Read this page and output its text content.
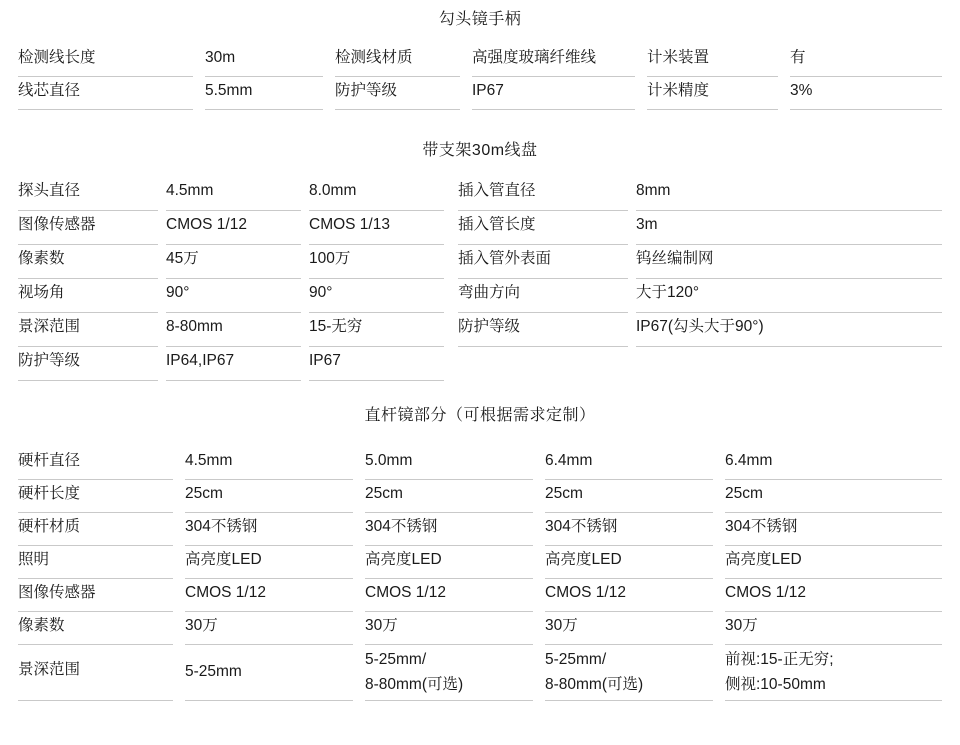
勾头镜手柄

	检测线长度		30m		检测线材质		高强度玻璃纤维线		计米装置		有	

	线芯直径		5.5mm		防护等级		IP67		计米精度		3%	

带支架30m线盘

	探头直径		4.5mm		8.0mm		插入管直径		8mm	

	图像传感器		CMOS 1/12		CMOS 1/13		插入管长度		3m	

	像素数		45万		100万		插入管外表面		钨丝编制网	

	视场角		90°		90°		弯曲方向		大于120°	

	景深范围		8-80mm		15-无穷		防护等级		IP67(勾头大于90°)	

	防护等级		IP64,IP67		IP67					

直杆镜部分（可根据需求定制）

	硬杆直径		4.5mm		5.0mm		6.4mm		6.4mm	

	硬杆长度		25cm		25cm		25cm		25cm	

	硬杆材质		304不锈钢		304不锈钢		304不锈钢		304不锈钢	

	照明		高亮度LED		高亮度LED		高亮度LED		高亮度LED	

	图像传感器		CMOS 1/12		CMOS 1/12		CMOS 1/12		CMOS 1/12	

	像素数		30万		30万		30万		30万	

	景深范围		5-25mm		5-25mm/
8-80mm(可选)		5-25mm/
8-80mm(可选)		前视:15-正无穷;
侧视:10-50mm	
